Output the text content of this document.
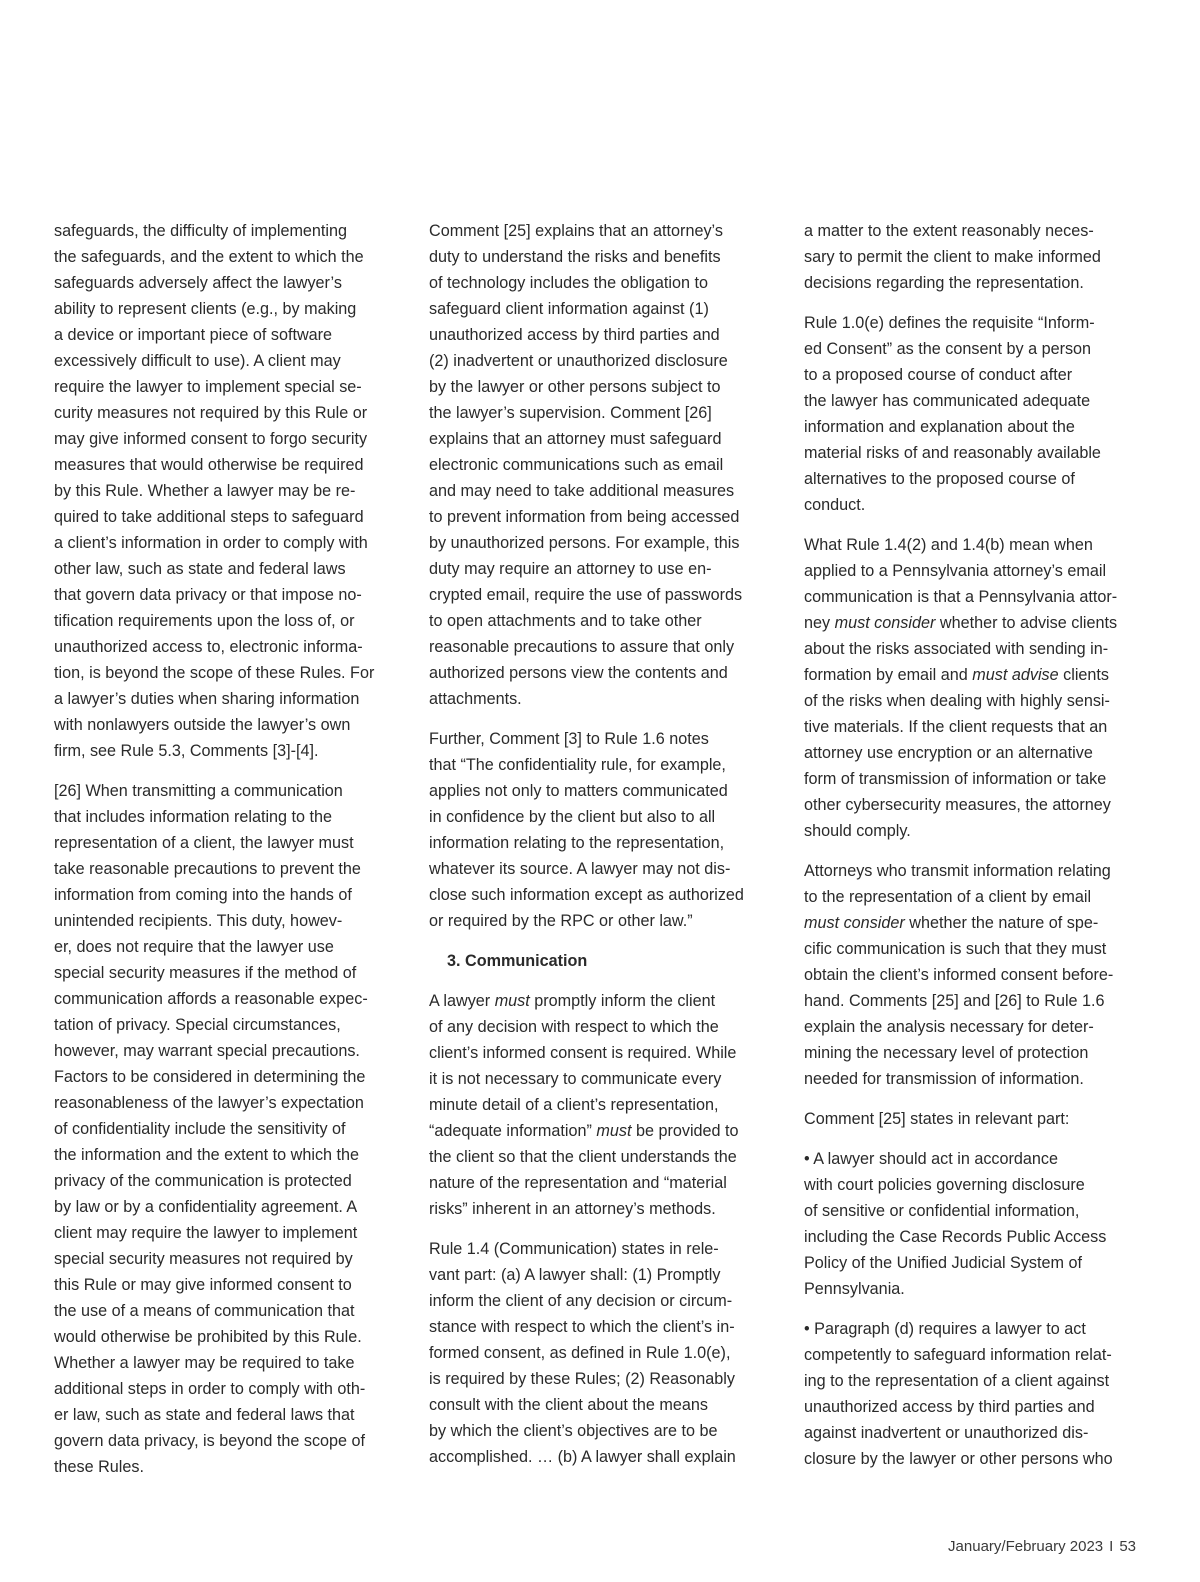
safeguards, the difficulty of implementing
the safeguards, and the extent to which the
safeguards adversely affect the lawyer’s
ability to represent clients (e.g., by making
a device or important piece of software
excessively difficult to use). A client may
require the lawyer to implement special se-
curity measures not required by this Rule or
may give informed consent to forgo security
measures that would otherwise be required
by this Rule. Whether a lawyer may be re-
quired to take additional steps to safeguard
a client’s information in order to comply with
other law, such as state and federal laws
that govern data privacy or that impose no-
tification requirements upon the loss of, or
unauthorized access to, electronic informa-
tion, is beyond the scope of these Rules. For
a lawyer’s duties when sharing information
with nonlawyers outside the lawyer’s own
firm, see Rule 5.3, Comments [3]-[4].

[26] When transmitting a communication
that includes information relating to the
representation of a client, the lawyer must
take reasonable precautions to prevent the
information from coming into the hands of
unintended recipients. This duty, howev-
er, does not require that the lawyer use
special security measures if the method of
communication affords a reasonable expec-
tation of privacy. Special circumstances,
however, may warrant special precautions.
Factors to be considered in determining the
reasonableness of the lawyer’s expectation
of confidentiality include the sensitivity of
the information and the extent to which the
privacy of the communication is protected
by law or by a confidentiality agreement. A
client may require the lawyer to implement
special security measures not required by
this Rule or may give informed consent to
the use of a means of communication that
would otherwise be prohibited by this Rule.
Whether a lawyer may be required to take
additional steps in order to comply with oth-
er law, such as state and federal laws that
govern data privacy, is beyond the scope of
these Rules.

Comment [25] explains that an attorney’s
duty to understand the risks and benefits
of technology includes the obligation to
safeguard client information against (1)
unauthorized access by third parties and
(2) inadvertent or unauthorized disclosure
by the lawyer or other persons subject to
the lawyer’s supervision. Comment [26]
explains that an attorney must safeguard
electronic communications such as email
and may need to take additional measures
to prevent information from being accessed
by unauthorized persons. For example, this
duty may require an attorney to use en-
crypted email, require the use of passwords
to open attachments and to take other
reasonable precautions to assure that only
authorized persons view the contents and
attachments.

Further, Comment [3] to Rule 1.6 notes
that “The confidentiality rule, for example,
applies not only to matters communicated
in confidence by the client but also to all
information relating to the representation,
whatever its source. A lawyer may not dis-
close such information except as authorized
or required by the RPC or other law.”

3. Communication

A lawyer must promptly inform the client
of any decision with respect to which the
client’s informed consent is required. While
it is not necessary to communicate every
minute detail of a client’s representation,
“adequate information” must be provided to
the client so that the client understands the
nature of the representation and “material
risks” inherent in an attorney’s methods.

Rule 1.4 (Communication) states in rele-
vant part: (a) A lawyer shall: (1) Promptly
inform the client of any decision or circum-
stance with respect to which the client’s in-
formed consent, as defined in Rule 1.0(e),
is required by these Rules; (2) Reasonably
consult with the client about the means
by which the client’s objectives are to be
accomplished. … (b) A lawyer shall explain

a matter to the extent reasonably neces-
sary to permit the client to make informed
decisions regarding the representation.

Rule 1.0(e) defines the requisite “Inform-
ed Consent” as the consent by a person
to a proposed course of conduct after
the lawyer has communicated adequate
information and explanation about the
material risks of and reasonably available
alternatives to the proposed course of
conduct.

What Rule 1.4(2) and 1.4(b) mean when
applied to a Pennsylvania attorney’s email
communication is that a Pennsylvania attor-
ney must consider whether to advise clients
about the risks associated with sending in-
formation by email and must advise clients
of the risks when dealing with highly sensi-
tive materials. If the client requests that an
attorney use encryption or an alternative
form of transmission of information or take
other cybersecurity measures, the attorney
should comply.

Attorneys who transmit information relating
to the representation of a client by email
must consider whether the nature of spe-
cific communication is such that they must
obtain the client’s informed consent before-
hand. Comments [25] and [26] to Rule 1.6
explain the analysis necessary for deter-
mining the necessary level of protection
needed for transmission of information.

Comment [25] states in relevant part:

• A lawyer should act in accordance
with court policies governing disclosure
of sensitive or confidential information,
including the Case Records Public Access
Policy of the Unified Judicial System of
Pennsylvania.

• Paragraph (d) requires a lawyer to act
competently to safeguard information relat-
ing to the representation of a client against
unauthorized access by third parties and
against inadvertent or unauthorized dis-
closure by the lawyer or other persons who

January/February 2023 I 53
